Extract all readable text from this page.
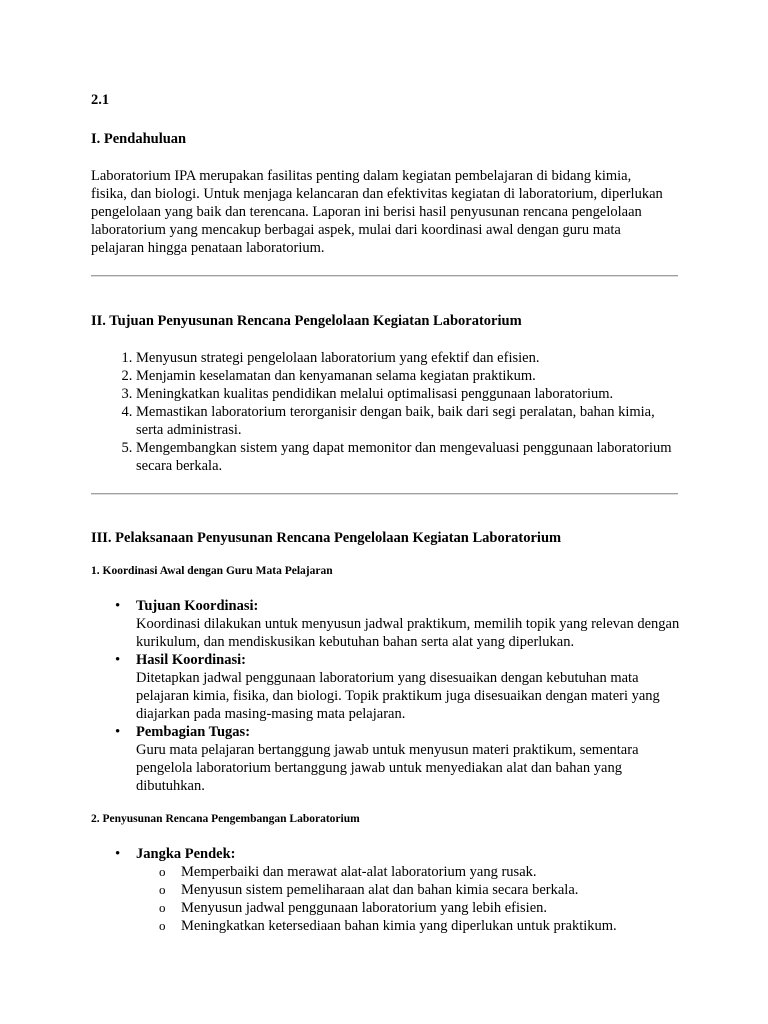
2.1
I. Pendahuluan

Laboratorium IPA merupakan fasilitas penting dalam kegiatan pembelajaran di bidang kimia, fisika, dan biologi. Untuk menjaga kelancaran dan efektivitas kegiatan di laboratorium, diperlukan pengelolaan yang baik dan terencana. Laporan ini berisi hasil penyusunan rencana pengelolaan laboratorium yang mencakup berbagai aspek, mulai dari koordinasi awal dengan guru mata pelajaran hingga penataan laboratorium.

II. Tujuan Penyusunan Rencana Pengelolaan Kegiatan Laboratorium
1. Menyusun strategi pengelolaan laboratorium yang efektif dan efisien.
2. Menjamin keselamatan dan kenyamanan selama kegiatan praktikum.
3. Meningkatkan kualitas pendidikan melalui optimalisasi penggunaan laboratorium.
4. Memastikan laboratorium terorganisir dengan baik, baik dari segi peralatan, bahan kimia, serta administrasi.
5. Mengembangkan sistem yang dapat memonitor dan mengevaluasi penggunaan laboratorium secara berkala.
III. Pelaksanaan Penyusunan Rencana Pengelolaan Kegiatan Laboratorium
1. Koordinasi Awal dengan Guru Mata Pelajaran
• Tujuan Koordinasi:
Koordinasi dilakukan untuk menyusun jadwal praktikum, memilih topik yang relevan dengan kurikulum, dan mendiskusikan kebutuhan bahan serta alat yang diperlukan.
• Hasil Koordinasi:
Ditetapkan jadwal penggunaan laboratorium yang disesuaikan dengan kebutuhan mata pelajaran kimia, fisika, dan biologi. Topik praktikum juga disesuaikan dengan materi yang diajarkan pada masing-masing mata pelajaran.
• Pembagian Tugas:
Guru mata pelajaran bertanggung jawab untuk menyusun materi praktikum, sementara pengelola laboratorium bertanggung jawab untuk menyediakan alat dan bahan yang dibutuhkan.
2. Penyusunan Rencana Pengembangan Laboratorium
• Jangka Pendek:
o Memperbaiki dan merawat alat-alat laboratorium yang rusak.
o Menyusun sistem pemeliharaan alat dan bahan kimia secara berkala.
o Menyusun jadwal penggunaan laboratorium yang lebih efisien.
o Meningkatkan ketersediaan bahan kimia yang diperlukan untuk praktikum.
